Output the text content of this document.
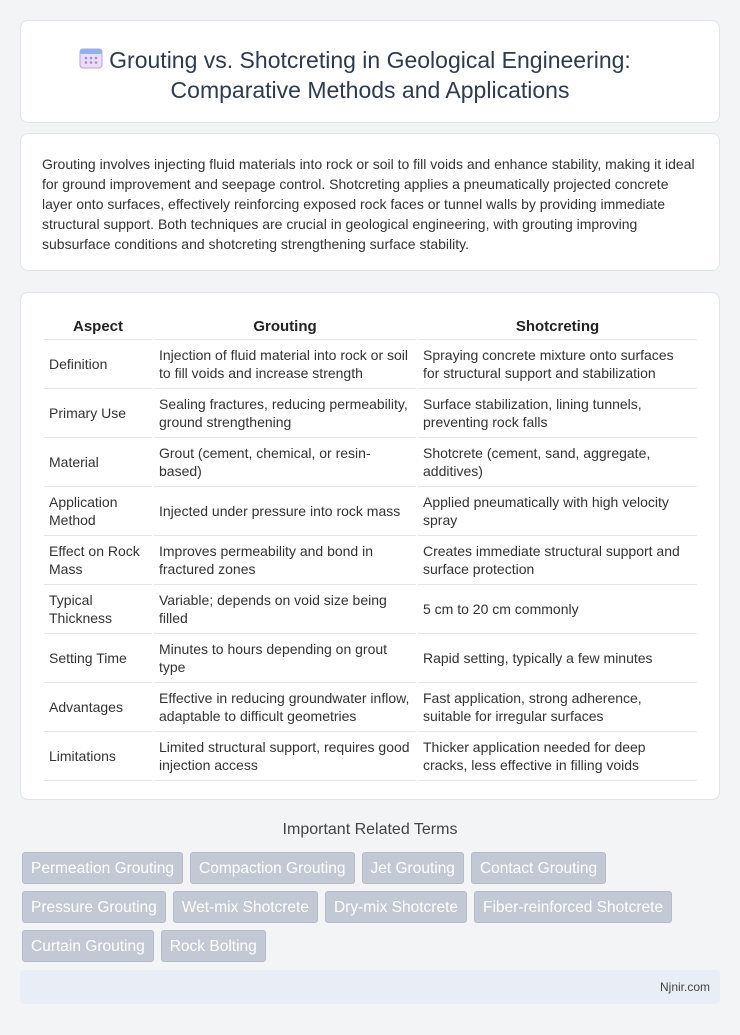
Grouting vs. Shotcreting in Geological Engineering:
Comparative Methods and Applications

Grouting involves injecting fluid materials into rock or soil to fill voids and enhance stability, making it ideal for ground improvement and seepage control. Shotcreting applies a pneumatically projected concrete layer onto surfaces, effectively reinforcing exposed rock faces or tunnel walls by providing immediate structural support. Both techniques are crucial in geological engineering, with grouting improving subsurface conditions and shotcreting strengthening surface stability.

Aspect	Grouting	Shotcreting
Definition	Injection of fluid material into rock or soil to fill voids and increase strength	Spraying concrete mixture onto surfaces for structural support and stabilization
Primary Use	Sealing fractures, reducing permeability, ground strengthening	Surface stabilization, lining tunnels, preventing rock falls
Material	Grout (cement, chemical, or resin-based)	Shotcrete (cement, sand, aggregate, additives)
Application Method	Injected under pressure into rock mass	Applied pneumatically with high velocity spray
Effect on Rock Mass	Improves permeability and bond in fractured zones	Creates immediate structural support and surface protection
Typical Thickness	Variable; depends on void size being filled	5 cm to 20 cm commonly
Setting Time	Minutes to hours depending on grout type	Rapid setting, typically a few minutes
Advantages	Effective in reducing groundwater inflow, adaptable to difficult geometries	Fast application, strong adherence, suitable for irregular surfaces
Limitations	Limited structural support, requires good injection access	Thicker application needed for deep cracks, less effective in filling voids
Important Related Terms
Permeation Grouting	Compaction Grouting	Jet Grouting	Contact Grouting
Pressure Grouting	Wet-mix Shotcrete	Dry-mix Shotcrete	Fiber-reinforced Shotcrete
Curtain Grouting	Rock Bolting
Njnir.com
